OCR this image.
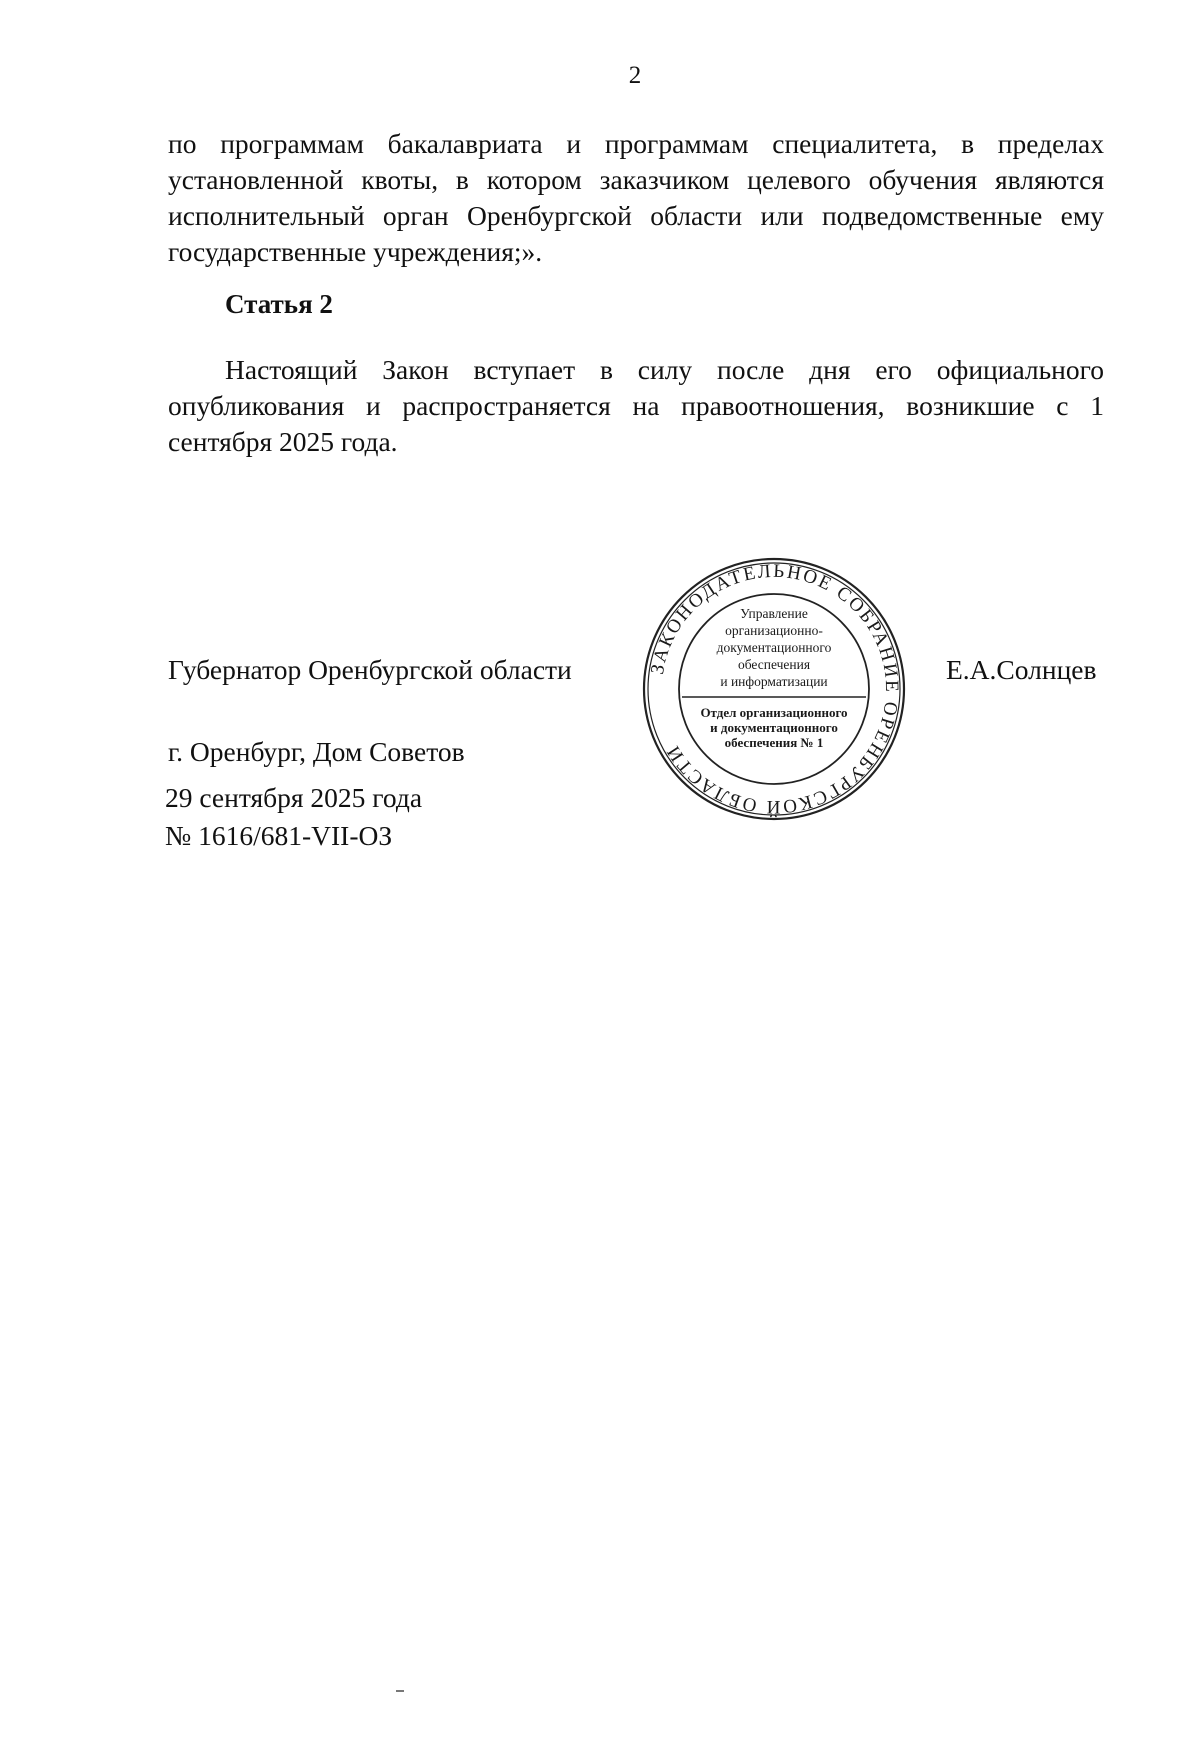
2
по программам бакалавриата и программам специалитета, в пределах установленной квоты, в котором заказчиком целевого обучения являются исполнительный орган Оренбургской области или подведомственные ему государственные учреждения;».
Статья 2
Настоящий Закон вступает в силу после дня его официального опубликования и распространяется на правоотношения, возникшие с 1 сентября 2025 года.
Губернатор Оренбургской области	ЗАКОНОДАТЕЛЬНОЕ СОБРАНИЕ ОРЕНБУРГСКОЙ ОБЛАСТИ
Управление
организационно-
документационного
обеспечения
и информатизации
Отдел организационного
и документационного
обеспечения № 1
Е.А.Солнцев
г. Оренбург, Дом Советов
29 сентября 2025 года
№ 1616/681-VII-ОЗ
